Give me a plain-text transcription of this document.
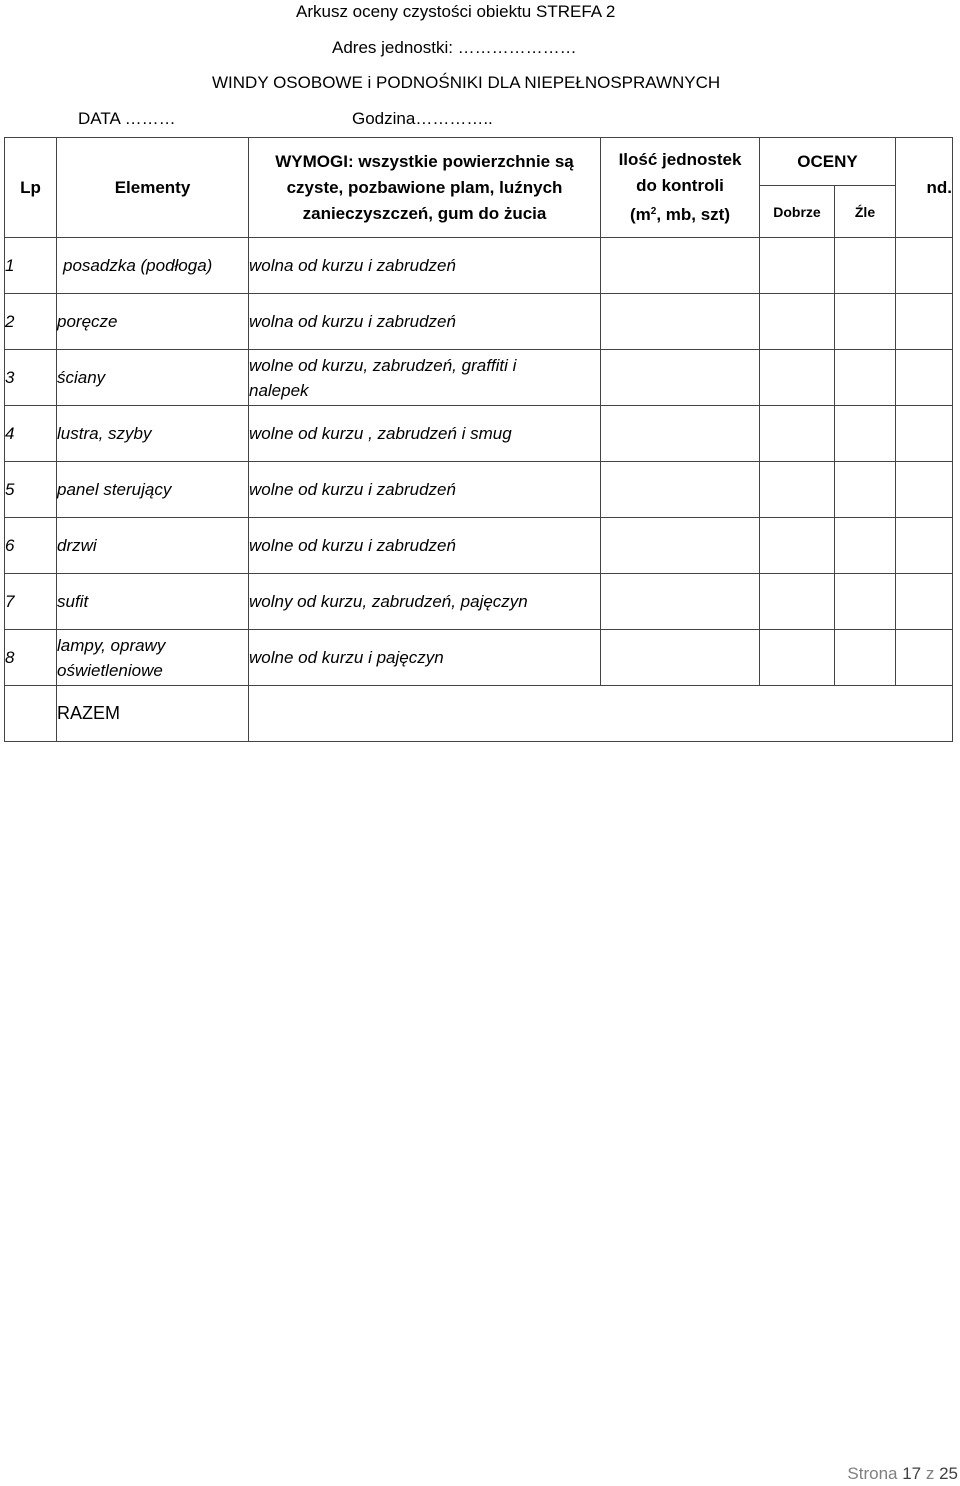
Arkusz oceny czystości obiektu STREFA 2
Adres jednostki: …………………
WINDY OSOBOWE i PODNOŚNIKI DLA NIEPEŁNOSPRAWNYCH
DATA ………	Godzina…………..
Lp	Elementy	WYMOGI: wszystkie powierzchnie są czyste, pozbawione plam, luźnych zanieczyszczeń, gum do żucia	Ilość jednostek
do kontroli
($m^2$, mb, szt)	OCENY		nd.
				Dobrze	Źle	
1	posadzka (podłoga)	wolna od kurzu i zabrudzeń				
2	poręcze	wolna od kurzu i zabrudzeń				
3	ściany	wolne od kurzu, zabrudzeń, graffiti i nalepek				
4	lustra, szyby	wolne od kurzu , zabrudzeń i smug				
5	panel sterujący	wolne od kurzu i zabrudzeń				
6	drzwi	wolne od kurzu i zabrudzeń				
7	sufit	wolny od kurzu, zabrudzeń, pajęczyn				
8	lampy, oprawy oświetleniowe	wolne od kurzu i pajęczyn				
	RAZEM					
Strona 17 z 25
